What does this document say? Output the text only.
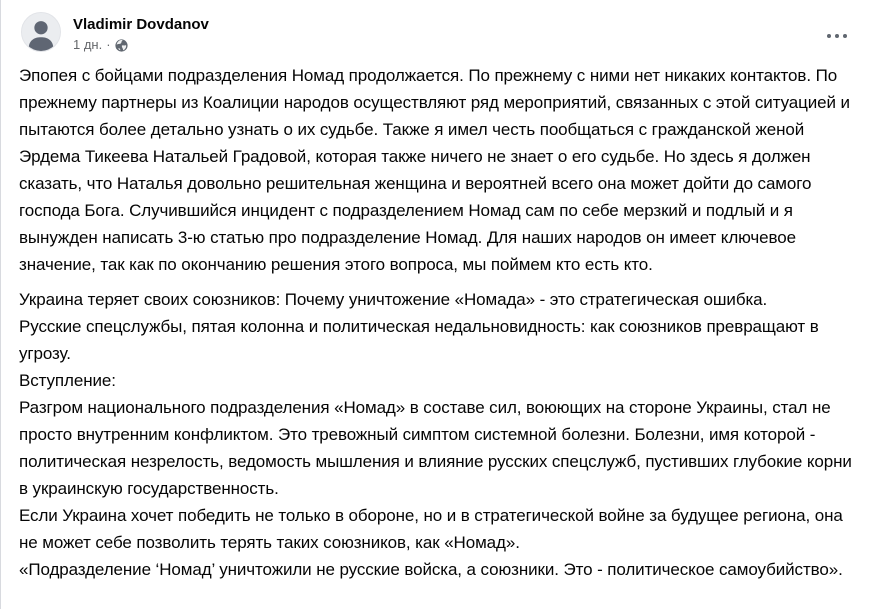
Vladimir Dovdanov
1 дн. ·

Эпопея с бойцами подразделения Номад продолжается. По прежнему с ними нет никаких контактов. По прежнему партнеры из Коалиции народов осуществляют ряд мероприятий, связанных с этой ситуацией и пытаются более детально узнать о их судьбе. Также я имел честь пообщаться с гражданской женой Эрдема Тикеева Натальей Градовой, которая также ничего не знает о его судьбе. Но здесь я должен сказать, что Наталья довольно решительная женщина и вероятней всего она может дойти до самого господа Бога. Случившийся инцидент с подразделением Номад сам по себе мерзкий и подлый и я вынужден написать 3-ю статью про подразделение Номад. Для наших народов он имеет ключевое значение, так как по окончанию решения этого вопроса, мы поймем кто есть кто.

Украина теряет своих союзников: Почему уничтожение «Номада» - это стратегическая ошибка.

Русские спецслужбы, пятая колонна и политическая недальновидность: как союзников превращают в угрозу.

Вступление:

Разгром национального подразделения «Номад» в составе сил, воюющих на стороне Украины, стал не просто внутренним конфликтом. Это тревожный симптом системной болезни. Болезни, имя которой - политическая незрелость, ведомость мышления и влияние русских спецслужб, пустивших глубокие корни в украинскую государственность.

Если Украина хочет победить не только в обороне, но и в стратегической войне за будущее региона, она не может себе позволить терять таких союзников, как «Номад».

«Подразделение ‘Номад’ уничтожили не русские войска, а союзники. Это - политическое самоубийство».
